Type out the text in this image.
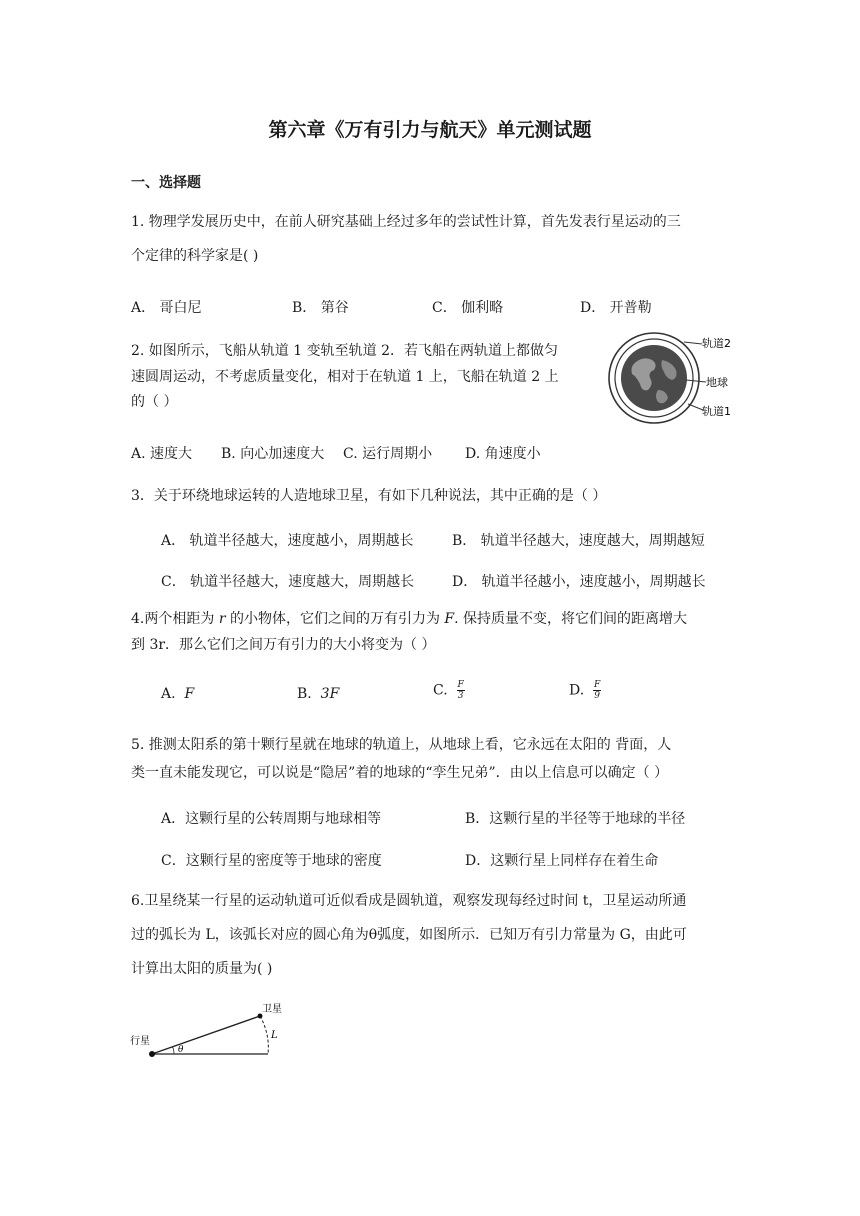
第六章《万有引力与航天》单元测试题
一、选择题
1. 物理学发展历史中，在前人研究基础上经过多年的尝试性计算，首先发表行星运动的三
个定律的科学家是( )
A． 哥白尼	B． 第谷	C． 伽利略	D． 开普勒
2. 如图所示，飞船从轨道 1 变轨至轨道 2．若飞船在两轨道上都做匀
速圆周运动，不考虑质量变化，相对于在轨道 1 上，飞船在轨道 2 上
的（ ）
轨道2
地球
轨道1
A. 速度大 B. 向心加速度大 C. 运行周期小 D. 角速度小
3．关于环绕地球运转的人造地球卫星，有如下几种说法，其中正确的是（ ）
A． 轨道半径越大，速度越小，周期越长	B． 轨道半径越大，速度越大，周期越短
C． 轨道半径越大，速度越大，周期越长	D． 轨道半径越小，速度越小，周期越长
4.两个相距为 r 的小物体，它们之间的万有引力为 F. 保持质量不变，将它们间的距离增大
到 3r．那么它们之间万有引力的大小将变为（ ）
A. F	B. 3F	C. $\frac{F}{3}$	D. $\frac{F}{9}$
5. 推测太阳系的第十颗行星就在地球的轨道上，从地球上看，它永远在太阳的 背面，人
类一直未能发现它，可以说是“隐居”着的地球的“孪生兄弟”．由以上信息可以确定（ ）
A．这颗行星的公转周期与地球相等	B．这颗行星的半径等于地球的半径
C．这颗行星的密度等于地球的密度	D．这颗行星上同样存在着生命
6.卫星绕某一行星的运动轨道可近似看成是圆轨道，观察发现每经过时间 t，卫星运动所通
过的弧长为 L，该弧长对应的圆心角为θ弧度，如图所示．已知万有引力常量为 G，由此可
计算出太阳的质量为( )
卫星
行星
L
θ
